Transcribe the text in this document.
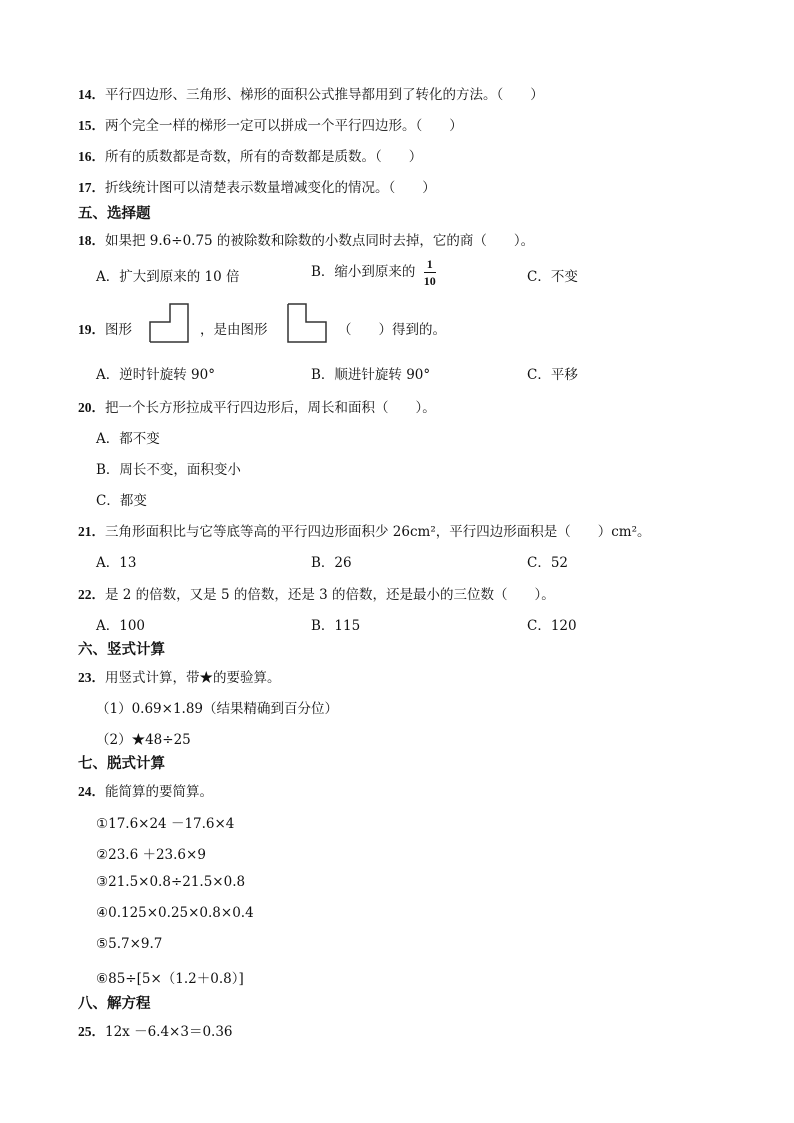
14．平行四边形、三角形、梯形的面积公式推导都用到了转化的方法。（　　）
15．两个完全一样的梯形一定可以拼成一个平行四边形。（　　）
16．所有的质数都是奇数，所有的奇数都是质数。（　　）
17．折线统计图可以清楚表示数量增减变化的情况。（　　）
五、选择题
18．如果把 9.6÷0.75 的被除数和除数的小数点同时去掉，它的商（　　）。
A．扩大到原来的 10 倍	B．缩小到原来的 $\frac{1}{10}$	C．不变
19．图形	，是由图形	（　　）得到的。
A．逆时针旋转 90°	B．顺进针旋转 90°	C．平移
20．把一个长方形拉成平行四边形后，周长和面积（　　）。
A．都不变
B．周长不变，面积变小
C．都变
21．三角形面积比与它等底等高的平行四边形面积少 26cm²，平行四边形面积是（　　）cm²。
A．13	B．26	C．52
22．是 2 的倍数，又是 5 的倍数，还是 3 的倍数，还是最小的三位数（　　）。
A．100	B．115	C．120
六、竖式计算
23．用竖式计算，带★的要验算。
（1）0.69×1.89（结果精确到百分位）
（2）★48÷25
七、脱式计算
24．能简算的要简算。
①17.6×24 －17.6×4
②23.6 ＋23.6×9
③21.5×0.8÷21.5×0.8
④0.125×0.25×0.8×0.4
⑤5.7×9.7
⑥85÷[5×（1.2＋0.8）]
八、解方程
25．12x －6.4×3＝0.36
